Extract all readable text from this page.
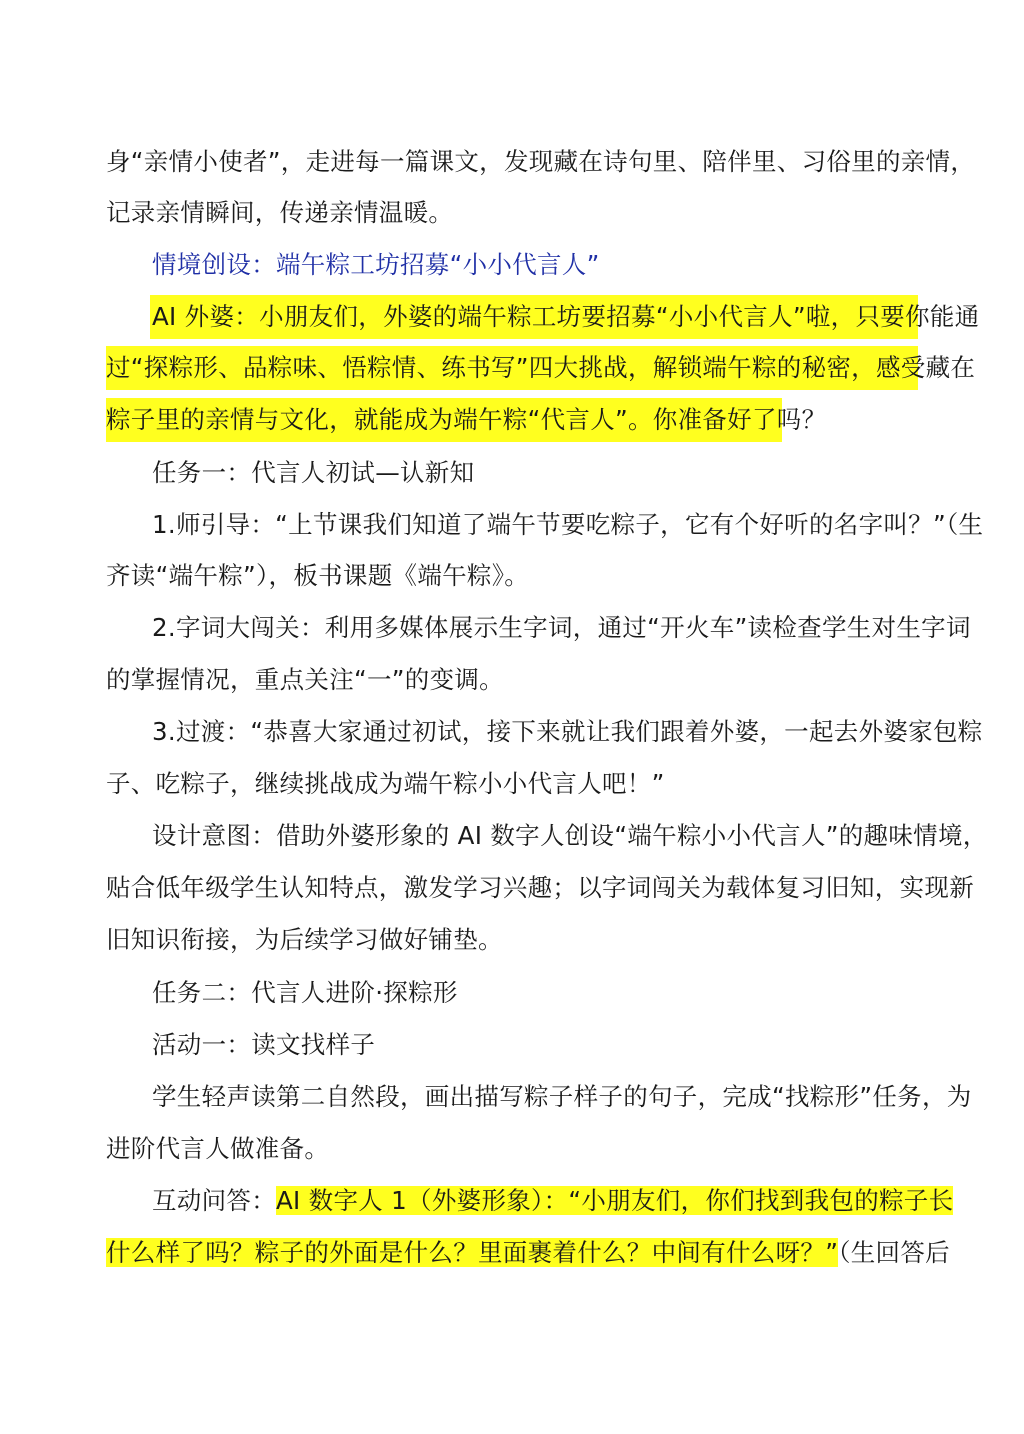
身“亲情小使者”，走进每一篇课文，发现藏在诗句里、陪伴里、习俗里的亲情，
记录亲情瞬间，传递亲情温暖。
情境创设：端午粽工坊招募“小小代言人”
AI 外婆：小朋友们，外婆的端午粽工坊要招募“小小代言人”啦，只要你能通
过“探粽形、品粽味、悟粽情、练书写”四大挑战，解锁端午粽的秘密，感受藏在
粽子里的亲情与文化，就能成为端午粽“代言人”。你准备好了吗？
任务一：代言人初试—认新知
1.师引导：“上节课我们知道了端午节要吃粽子，它有个好听的名字叫？”（生
齐读“端午粽”），板书课题《端午粽》。
2.字词大闯关：利用多媒体展示生字词，通过“开火车”读检查学生对生字词
的掌握情况，重点关注“一”的变调。
3.过渡：“恭喜大家通过初试，接下来就让我们跟着外婆，一起去外婆家包粽
子、吃粽子，继续挑战成为端午粽小小代言人吧！”
设计意图：借助外婆形象的 AI 数字人创设“端午粽小小代言人”的趣味情境，
贴合低年级学生认知特点，激发学习兴趣；以字词闯关为载体复习旧知，实现新
旧知识衔接，为后续学习做好铺垫。
任务二：代言人进阶·探粽形
活动一：读文找样子
学生轻声读第二自然段，画出描写粽子样子的句子，完成“找粽形”任务，为
进阶代言人做准备。
互动问答：AI 数字人 1（外婆形象）：“小朋友们，你们找到我包的粽子长
什么样了吗？粽子的外面是什么？里面裹着什么？中间有什么呀？”（生回答后
